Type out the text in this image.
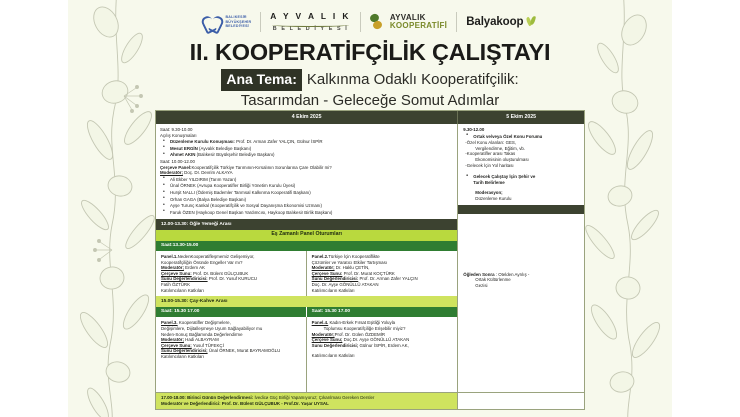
BALIKESİR
BÜYÜKŞEHİR
BELEDİYESİ
A Y V A L I K
B E L E D İ Y E S İ
AYVALIK
KOOPERATİFİ Balyakoop
II. KOOPERATİFÇİLİK ÇALIŞTAYI
Ana Tema: Kalkınma Odaklı Kooperatifçilik:
Tasarımdan - Geleceğe Somut Adımlar
4 Ekim 2025	5 Ekim 2025
Saat: 9.30-10.00
Açılış Konuşmaları
• Düzenleme Kurulu Konuşması: Prof. Dr. Arman Zafer YALÇIN, Gülnur İSPİR
• Mesut ERGİN (Ayvalık Belediye Başkanı)
• Ahmet AKIN (Balıkesir Büyükşehir Belediye Başkanı)
Saat: 10.00-12.00
Çerçeve Panel:Kooperatifçilik Türkiye Tarımının-Kırsalının Sorunlarına Çare Olabilir mi?
Moderatör; Doç. Dr. Devrim ALKAYA
• Ali Ekber YILDIRIM (Tarım Yazarı)
• Ünal ÖRNEK (Avrupa Kooperatifler Birliği Yönetim Kurulu Üyesi)
• Hurşit NALLI (Ödemiş Bademler Tarımsal Kalkınma Kooperatifi Başkanı)
• Orhan GAGA (Balya Belediye Başkanı)
• Ayşe Turunç Kankal (Kooperatifçilik ve Sosyal Dayanışma Ekonomisi Uzmanı)
• Faruk ÖZEN (Haykoop Genel Başkan Yardımcısı, Haykoop Balıkesir Birlik Başkanı)
12.00-13.30: Öğle Yemeği Arası
Eş Zamanlı Panel Oturumları
Saat:13.30-15.00
Panel.1.NedenKooperatifleşmemiz Gelişemiyor,
Kooperatifçiliğin Önünde Engeller Var mı?
Moderatör; Erdem AK
Çerçeve Sunu: Prof. Dr. Bülent GÜLÇUBUK
Sunu Değerlendiricisi: Prof. Dr. Yusuf KURUCU
Fatih ÖZTÜRK
Katılımcıların Katkıları
Panel.2.Türkiye İçin Kooperatiflikte
Çözümler ve Yaratıcı Etkiler Tartışması
Moderatör; Dr. Haklu ÇETİN,
Çerçeve Sunu: Prof. Dr. Murat KOÇTÜRK
Sunu Değerlendiricisi: Prof. Dr. Arman Zafer YALÇIN
Doç. Dr. Ayşe GÖNÜLLÜ ATAKAN
Katılımcıların Katkıları
15.00-15.30: Çay-Kahve Arası
Saat: 15.30 17.00	Saat: 15.30 17.00
Panel.3. Kooperatifler Değişmelere,
Değişimlere, Dijitalleşmeye Uyum Sağlayabiliyor mu
Neden-Sonuç Bağlamında Değerlendirme
Moderatör; Hadi ALBAYRAM
Çerçeve Sunu; Yusuf TÜFEKÇİ
Sunu Değerlendiricisi; Ünal ÖRNEK, Murat BAYRAMOĞLU
Katılımcıların Katkıları
Panel.4. Kadın-Erkek Fırsat Eşitliği Yoluyla
Toplumsu Kooperatifçiliğe Erişebilir miyiz?
Moderatör;Prof. Dr. Gülen ÖZDEMİR
Çerçeve Sunu; Doç.Dr. Ayşe GÖNÜLLÜ ATAKAN
Sunu Değerlendiricisi; Gülnur İSPİR, Erdem AK,
Katılımcıların Katkıları
9.30-12.00
• Ortak ve/veya Özel Konu Forumu
-Özel Konu Alanları: GES,
Vergilendirme, Eğitim, vb.
-Kooperatifler arası Takas
Ekonomisinin oluşturulması
-Gelecek İçin Yol haritası
• Gelecek Çalıştay İçin Şehir ve
Tarih Belirleme
Moderasyon;
Düzenleme Kurulu
Öğleden Sonra : Otelden Ayrılış -
Ortak Kültürlenme
Gezisi
17.00-18.00: Birinci Günün Değerlendirmesi: İvediси Güç Birliği Yapamıyoruz; Çıkarılması Gereken Dersler
Moderatör ve Değerlendirici: Prof. Dr. Bülent GÜLÇUBUK - Prof.Dr. Yaşar UYSAL
